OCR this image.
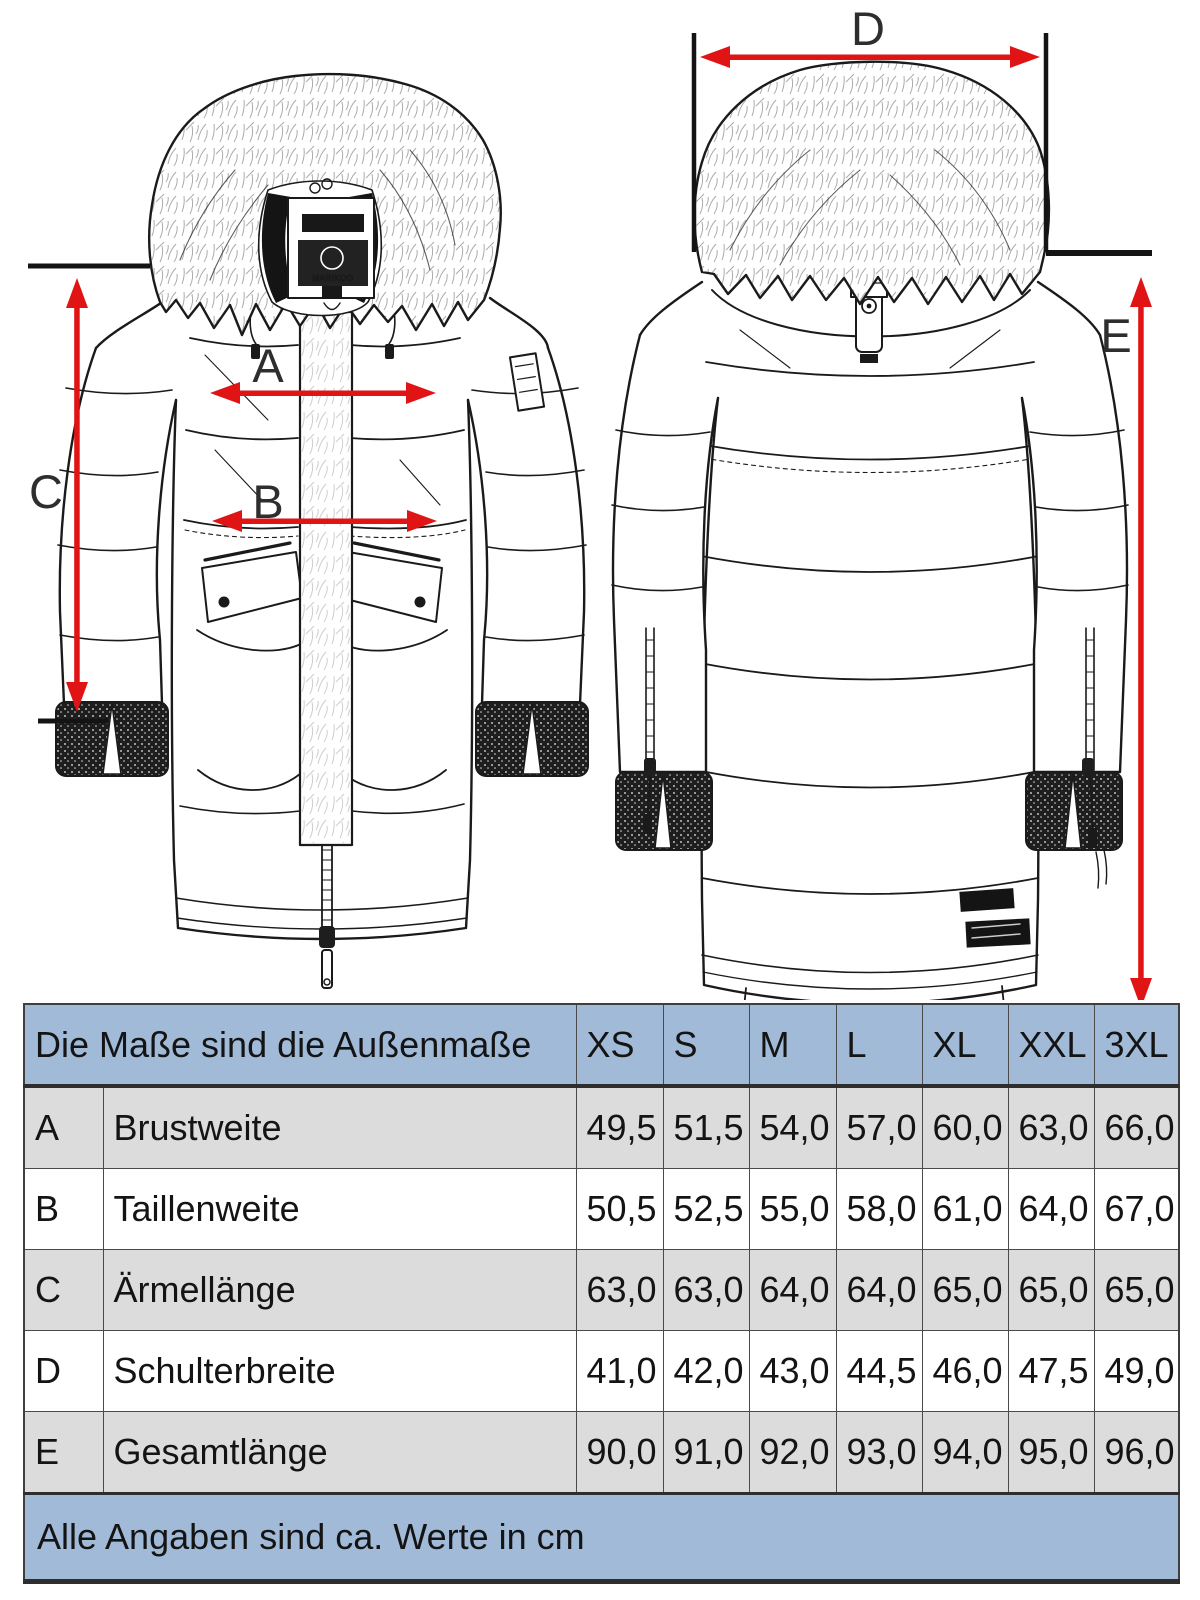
MARIKOO
A
B
C
D
E
Die Maße sind die Außenmaße		XS	S	M	L	XL	XXL	3XL
A	Brustweite	49,5	51,5	54,0	57,0	60,0	63,0	66,0
B	Taillenweite	50,5	52,5	55,0	58,0	61,0	64,0	67,0
C	Ärmellänge	63,0	63,0	64,0	64,0	65,0	65,0	65,0
D	Schulterbreite	41,0	42,0	43,0	44,5	46,0	47,5	49,0
E	Gesamtlänge	90,0	91,0	92,0	93,0	94,0	95,0	96,0
Alle Angaben sind ca. Werte in cm								
